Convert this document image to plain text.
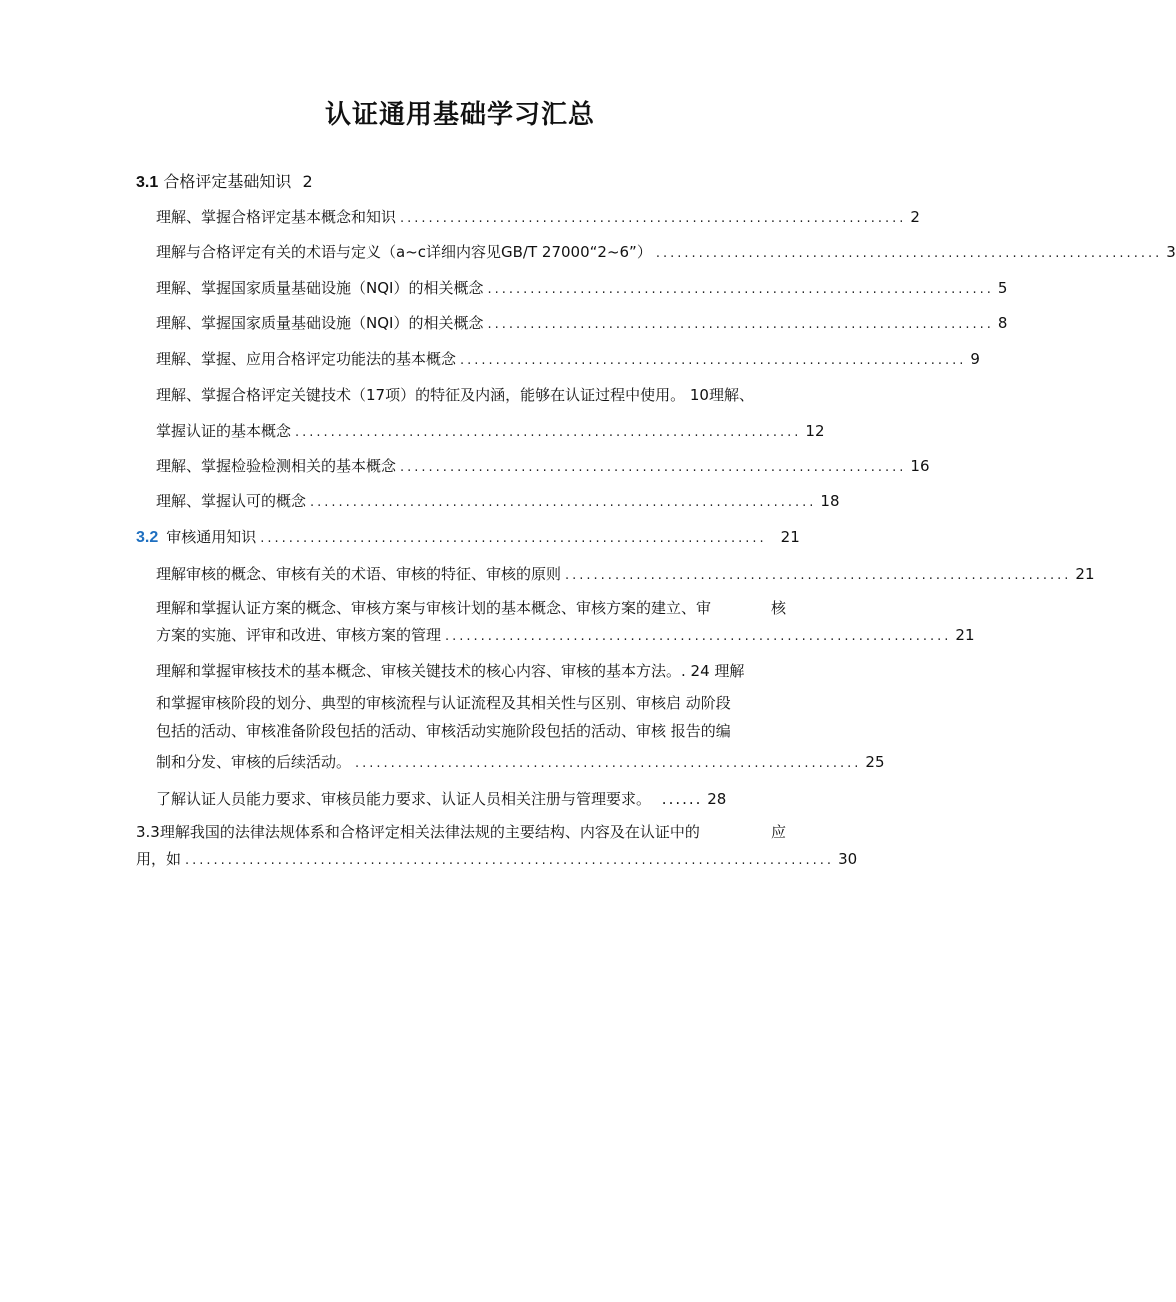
认证通用基础学习汇总
3.1 合格评定基础知识 2
理解、掌握合格评定基本概念和知识 ....................................................................... 2
理解与合格评定有关的术语与定义（a~c详细内容见GB/T 27000“2~6”） ....................................................................... 3
理解、掌握国家质量基础设施（NQI）的相关概念 ....................................................................... 5
理解、掌握国家质量基础设施（NQI）的相关概念 ....................................................................... 8
理解、掌握、应用合格评定功能法的基本概念 ....................................................................... 9
理解、掌握合格评定关键技术（17项）的特征及内涵，能够在认证过程中使用。 10理解、
掌握认证的基本概念 ....................................................................... 12
理解、掌握检验检测相关的基本概念 ....................................................................... 16
理解、掌握认可的概念 ....................................................................... 18
3.2 审核通用知识 ....................................................................... 21
理解审核的概念、审核有关的术语、审核的特征、审核的原则 ....................................................................... 21
理解和掌握认证方案的概念、审核方案与审核计划的基本概念、审核方案的建立、审	核
方案的实施、评审和改进、审核方案的管理 ....................................................................... 21
理解和掌握审核技术的基本概念、审核关键技术的核心内容、审核的基本方法。. 24 理解
和掌握审核阶段的划分、典型的审核流程与认证流程及其相关性与区别、审核启 动阶段
包括的活动、审核准备阶段包括的活动、审核活动实施阶段包括的活动、审核 报告的编
制和分发、审核的后续活动。 ....................................................................... 25
了解认证人员能力要求、审核员能力要求、认证人员相关注册与管理要求。 ...... 28
3.3理解我国的法律法规体系和合格评定相关法律法规的主要结构、内容及在认证中的	应
用，如 ........................................................................................... 30
